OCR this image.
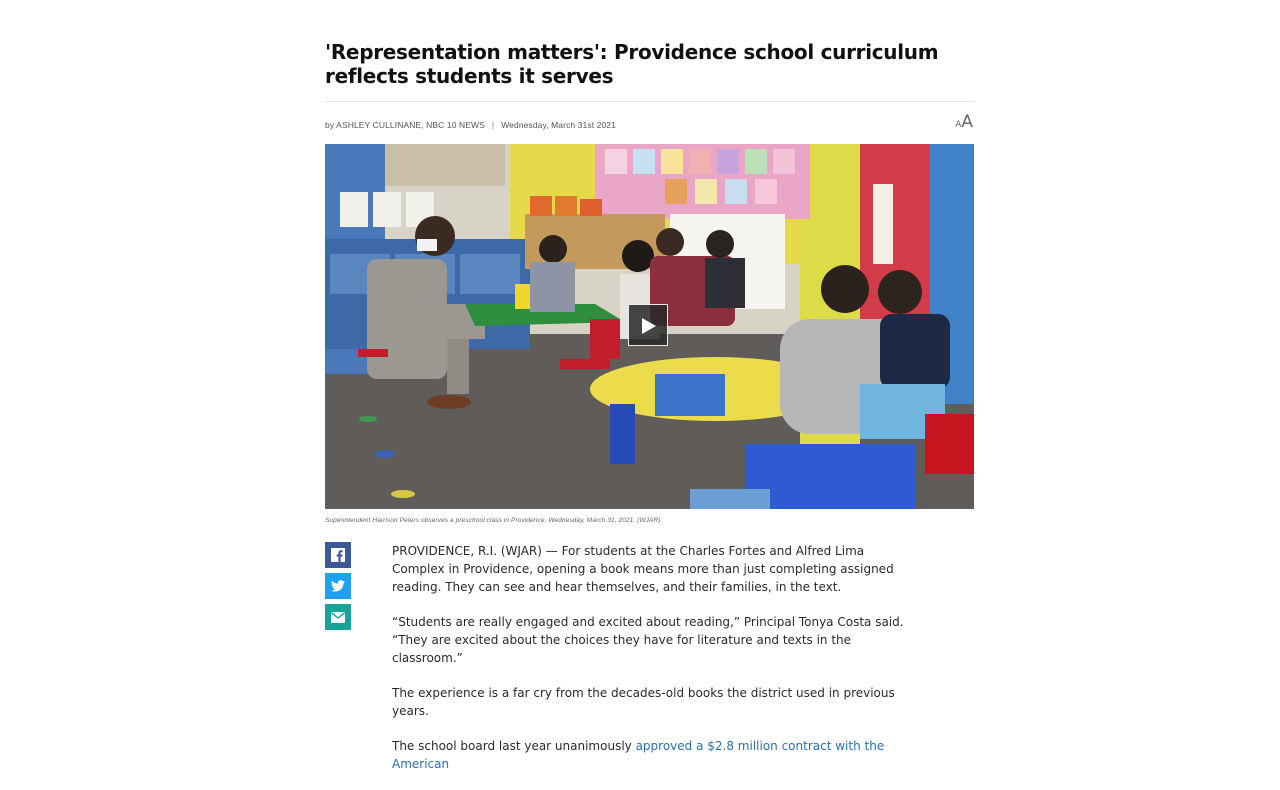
'Representation matters': Providence school curriculum reflects students it serves
by ASHLEY CULLINANE, NBC 10 NEWS | Wednesday, March 31st 2021	AA
Superintendent Harrison Peters observes a preschool class in Providence, Wednesday, March 31, 2021. (WJAR)

PROVIDENCE, R.I. (WJAR) — For students at the Charles Fortes and Alfred Lima Complex in Providence, opening a book means more than just completing assigned reading. They can see and hear themselves, and their families, in the text.

“Students are really engaged and excited about reading,” Principal Tonya Costa said. “They are excited about the choices they have for literature and texts in the classroom.”

The experience is a far cry from the decades-old books the district used in previous years.

The school board last year unanimously approved a $2.8 million contract with the American
